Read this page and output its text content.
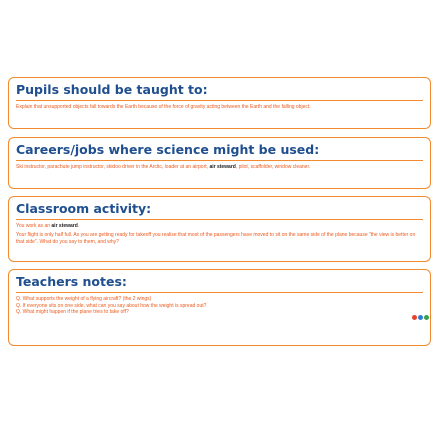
Pupils should be taught to:

Explain that unsupported objects fall towards the Earth because of the force of gravity acting between the Earth and the falling object.

Careers/jobs where science might be used:

Ski instructor, parachute jump instructor, skidoo driver in the Arctic, loader at an airport, air steward, pilot, scaffolder, window cleaner.

Classroom activity:

You work as an air steward.

Your flight is only half full. As you are getting ready for takeoff you realise that most of the passengers have moved to sit on the same side of the plane because "the view is better on that side". What do you say to them, and why?

Teachers notes:

Q. What supports the weight of a flying aircraft? (the 2 wings)

Q. If everyone sits on one side, what can you say about how the weight is spread out?

Q. What might happen if the plane tries to take off?
